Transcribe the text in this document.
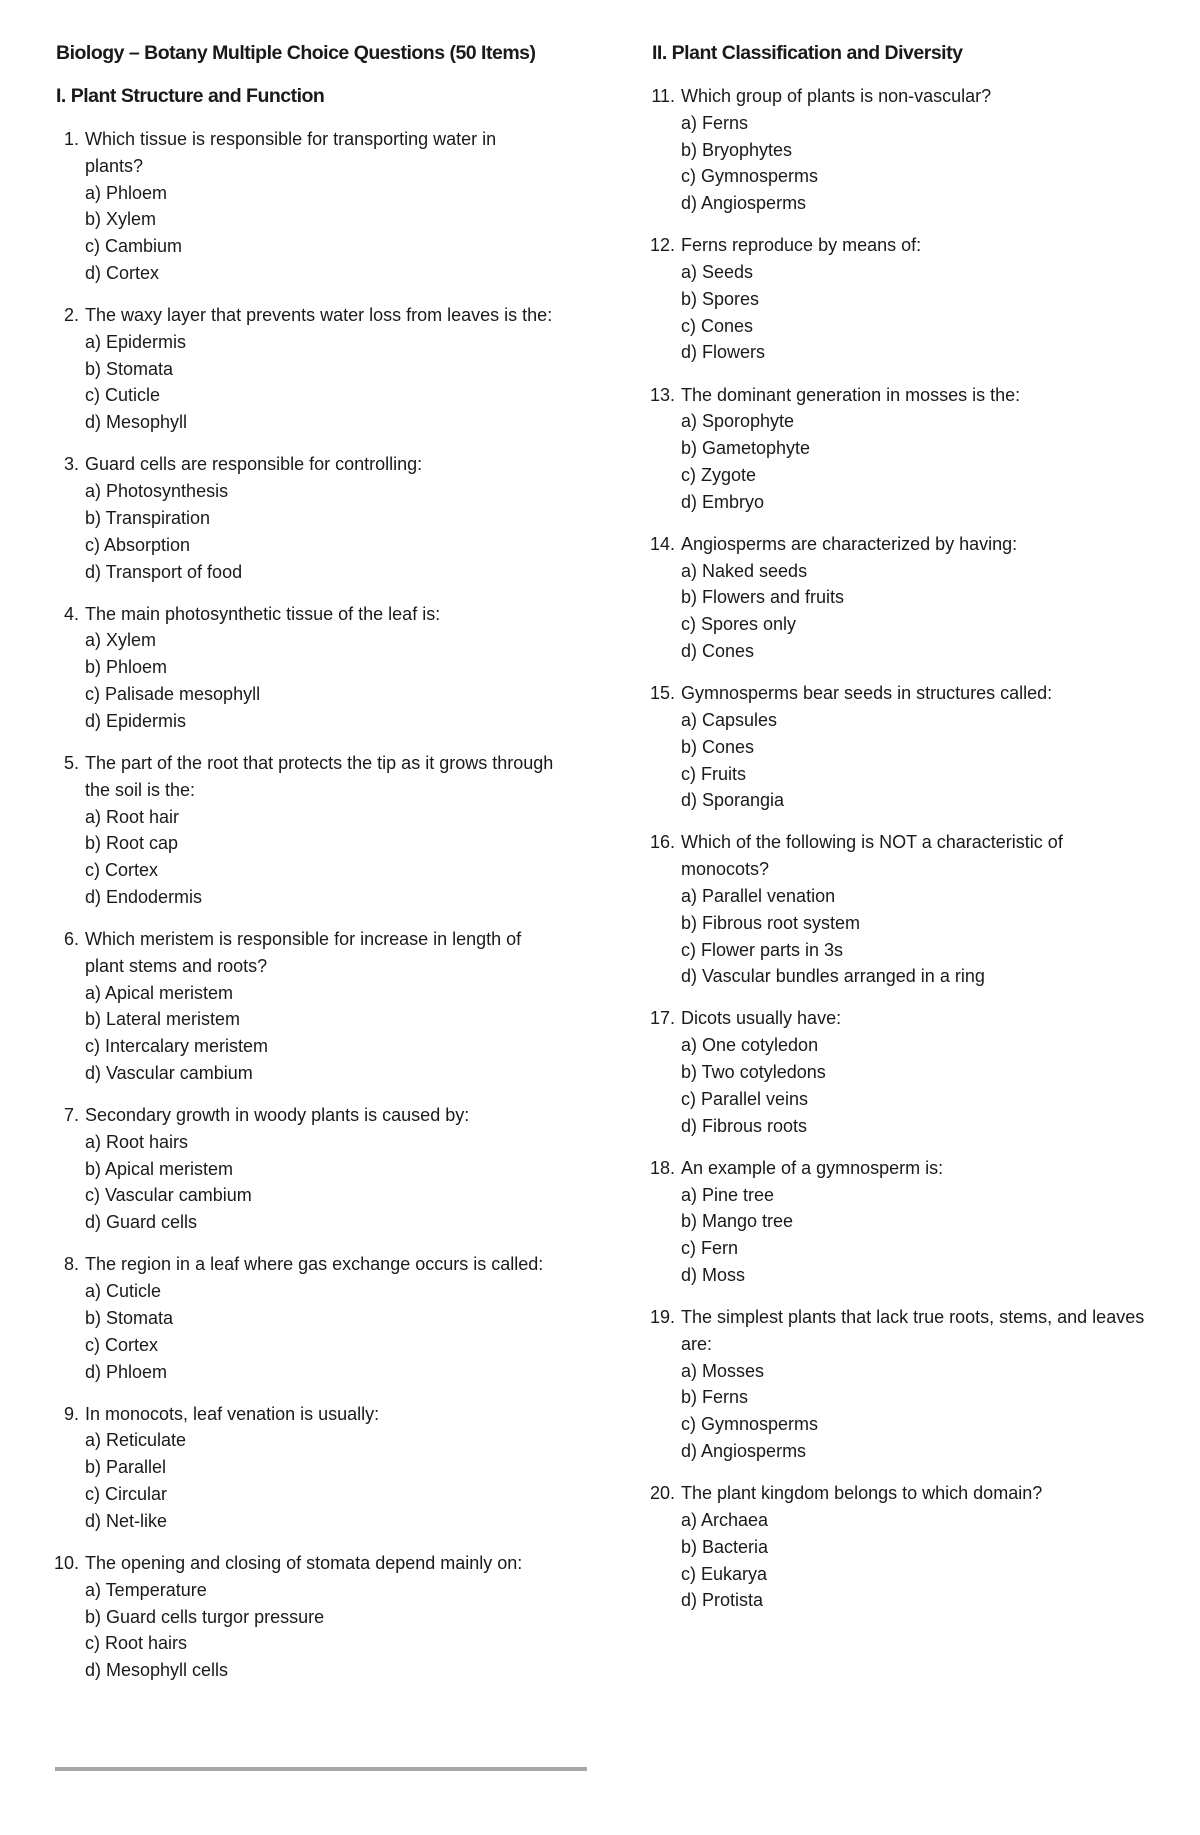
Biology – Botany Multiple Choice Questions (50 Items)
I. Plant Structure and Function
1. Which tissue is responsible for transporting water in plants?
a) Phloem
b) Xylem
c) Cambium
d) Cortex
2. The waxy layer that prevents water loss from leaves is the:
a) Epidermis
b) Stomata
c) Cuticle
d) Mesophyll
3. Guard cells are responsible for controlling:
a) Photosynthesis
b) Transpiration
c) Absorption
d) Transport of food
4. The main photosynthetic tissue of the leaf is:
a) Xylem
b) Phloem
c) Palisade mesophyll
d) Epidermis
5. The part of the root that protects the tip as it grows through the soil is the:
a) Root hair
b) Root cap
c) Cortex
d) Endodermis
6. Which meristem is responsible for increase in length of plant stems and roots?
a) Apical meristem
b) Lateral meristem
c) Intercalary meristem
d) Vascular cambium
7. Secondary growth in woody plants is caused by:
a) Root hairs
b) Apical meristem
c) Vascular cambium
d) Guard cells
8. The region in a leaf where gas exchange occurs is called:
a) Cuticle
b) Stomata
c) Cortex
d) Phloem
9. In monocots, leaf venation is usually:
a) Reticulate
b) Parallel
c) Circular
d) Net-like
10. The opening and closing of stomata depend mainly on:
a) Temperature
b) Guard cells turgor pressure
c) Root hairs
d) Mesophyll cells
II. Plant Classification and Diversity
11. Which group of plants is non-vascular?
a) Ferns
b) Bryophytes
c) Gymnosperms
d) Angiosperms
12. Ferns reproduce by means of:
a) Seeds
b) Spores
c) Cones
d) Flowers
13. The dominant generation in mosses is the:
a) Sporophyte
b) Gametophyte
c) Zygote
d) Embryo
14. Angiosperms are characterized by having:
a) Naked seeds
b) Flowers and fruits
c) Spores only
d) Cones
15. Gymnosperms bear seeds in structures called:
a) Capsules
b) Cones
c) Fruits
d) Sporangia
16. Which of the following is NOT a characteristic of monocots?
a) Parallel venation
b) Fibrous root system
c) Flower parts in 3s
d) Vascular bundles arranged in a ring
17. Dicots usually have:
a) One cotyledon
b) Two cotyledons
c) Parallel veins
d) Fibrous roots
18. An example of a gymnosperm is:
a) Pine tree
b) Mango tree
c) Fern
d) Moss
19. The simplest plants that lack true roots, stems, and leaves are:
a) Mosses
b) Ferns
c) Gymnosperms
d) Angiosperms
20. The plant kingdom belongs to which domain?
a) Archaea
b) Bacteria
c) Eukarya
d) Protista
